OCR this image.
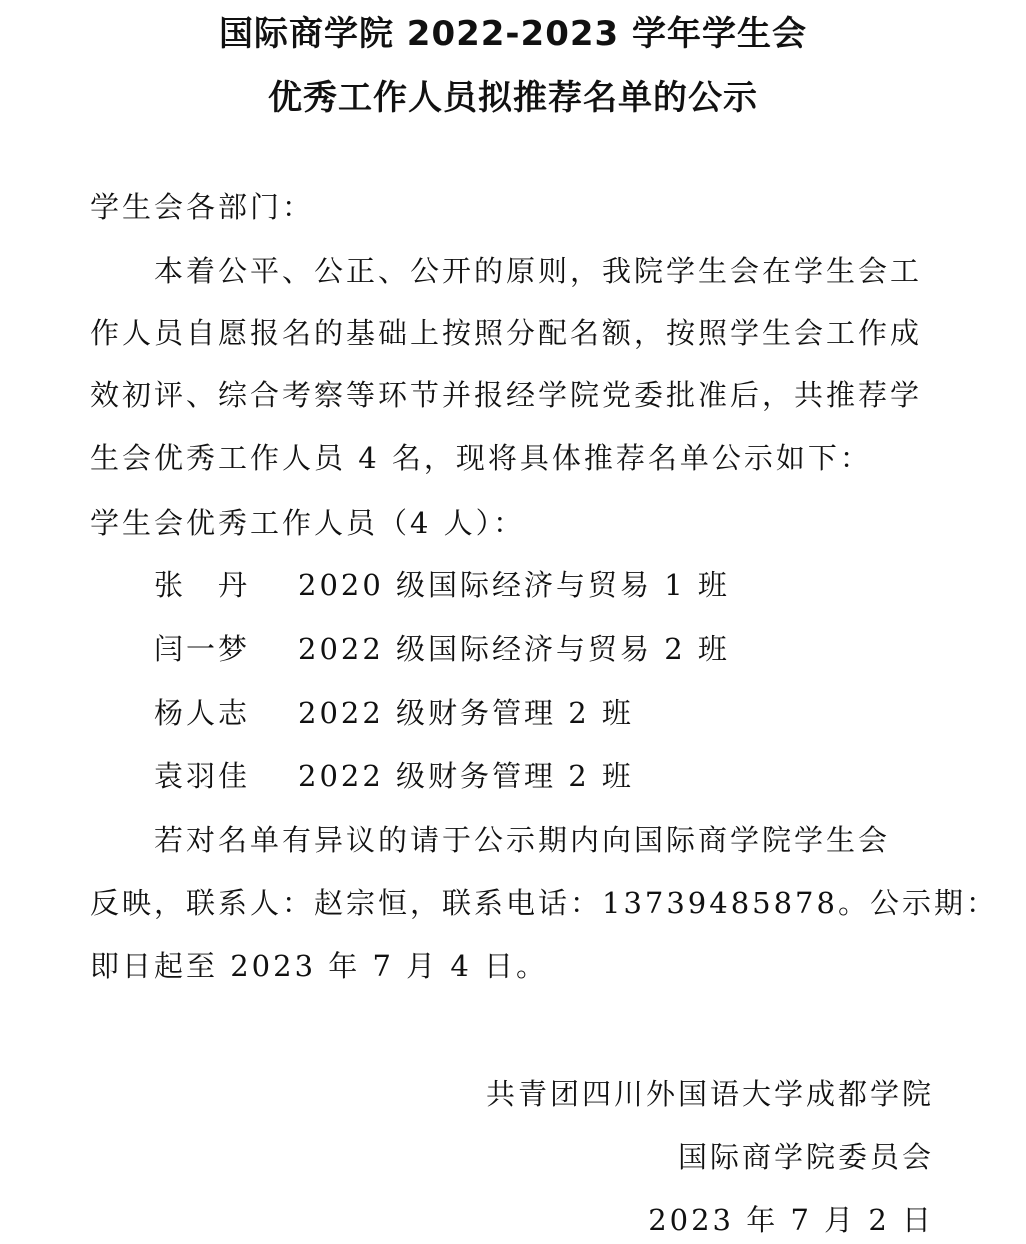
国际商学院 2022-2023 学年学生会
优秀工作人员拟推荐名单的公示

学生会各部门：

本着公平、公正、公开的原则，我院学生会在学生会工

作人员自愿报名的基础上按照分配名额，按照学生会工作成

效初评、综合考察等环节并报经学院党委批准后，共推荐学

生会优秀工作人员 4 名，现将具体推荐名单公示如下：

学生会优秀工作人员（4 人）：

张　丹 2020 级国际经济与贸易 1 班
闫一梦 2022 级国际经济与贸易 2 班
杨人志 2022 级财务管理 2 班
袁羽佳 2022 级财务管理 2 班

若对名单有异议的请于公示期内向国际商学院学生会

反映，联系人：赵宗恒，联系电话：13739485878。公示期：

即日起至 2023 年 7 月 4 日。

共青团四川外国语大学成都学院
国际商学院委员会
2023 年 7 月 2 日
